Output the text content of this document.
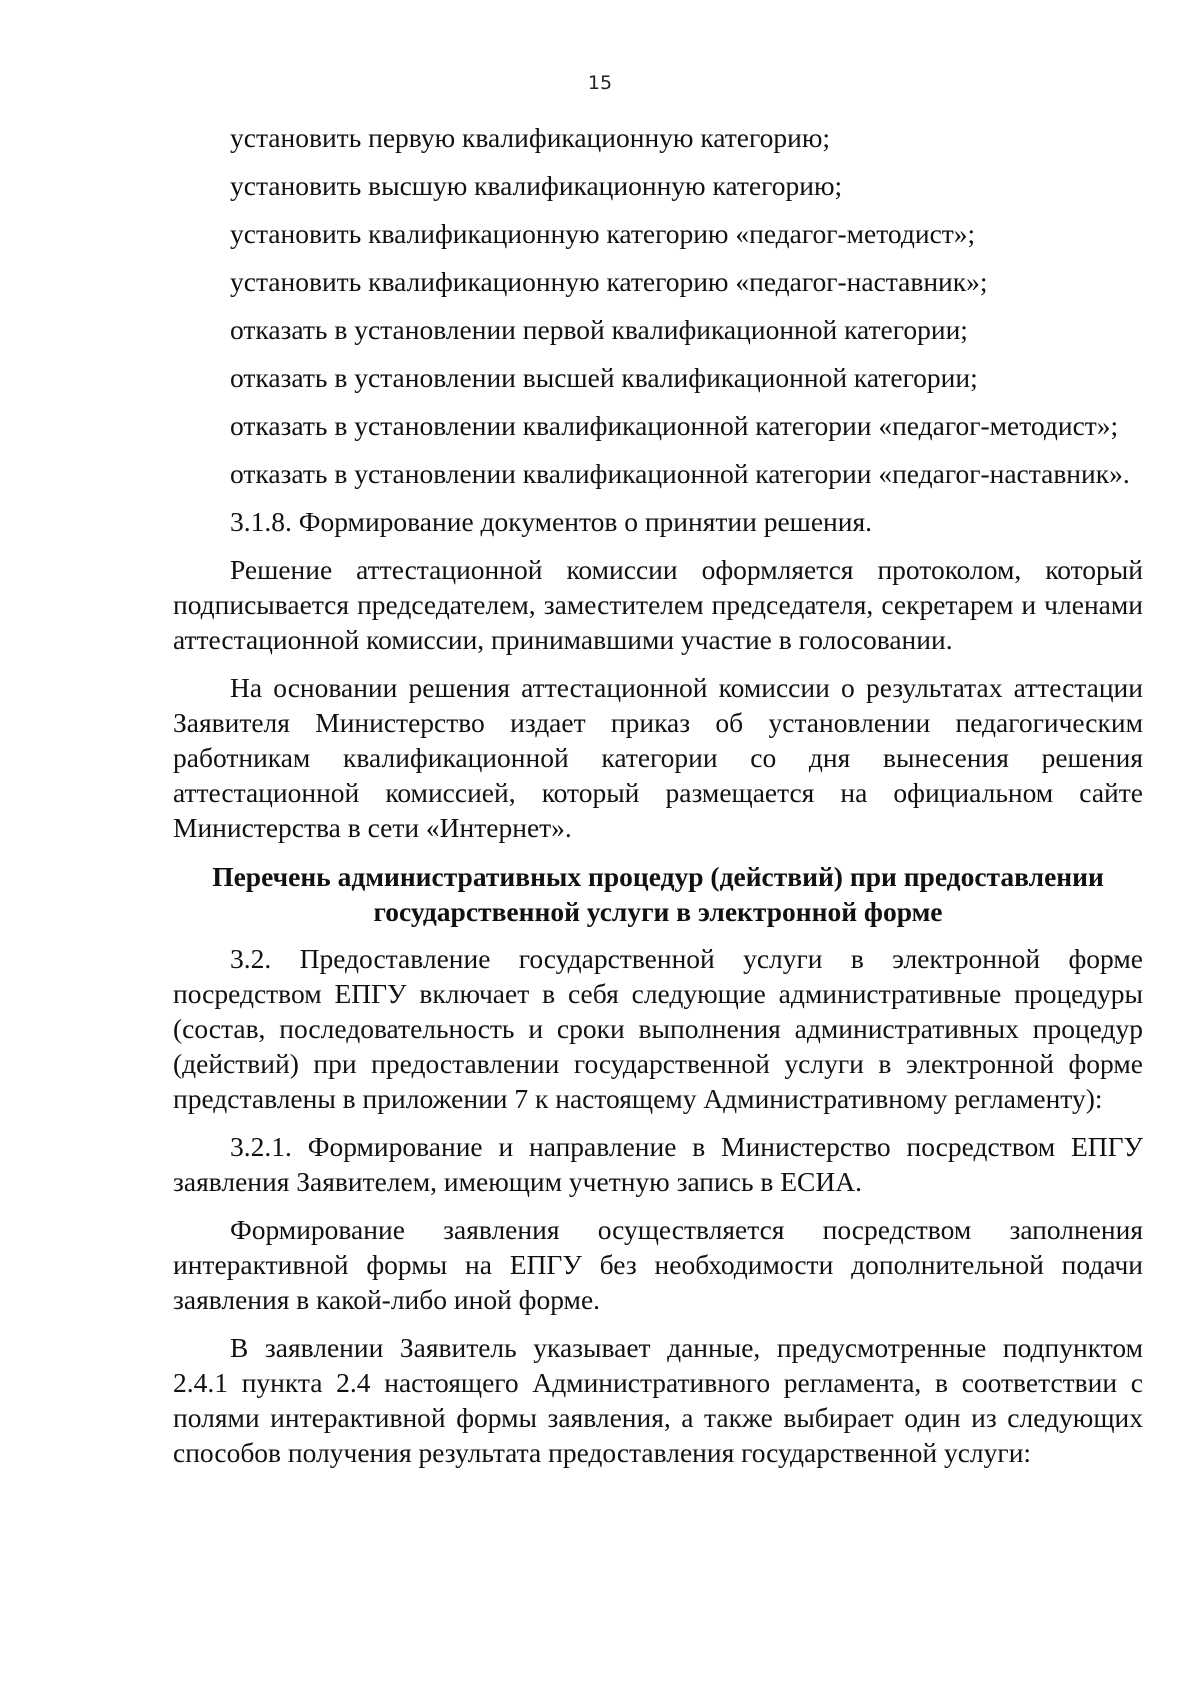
15

установить первую квалификационную категорию;

установить высшую квалификационную категорию;

установить квалификационную категорию «педагог-методист»;

установить квалификационную категорию «педагог-наставник»;

отказать в установлении первой квалификационной категории;

отказать в установлении высшей квалификационной категории;

отказать в установлении квалификационной категории «педагог-методист»;

отказать в установлении квалификационной категории «педагог-наставник».

3.1.8. Формирование документов о принятии решения.

Решение аттестационной комиссии оформляется протоколом, который подписывается председателем, заместителем председателя, секретарем и членами аттестационной комиссии, принимавшими участие в голосовании.

На основании решения аттестационной комиссии о результатах аттестации Заявителя Министерство издает приказ об установлении педагогическим работникам квалификационной категории со дня вынесения решения аттестационной комиссией, который размещается на официальном сайте Министерства в сети «Интернет».

Перечень административных процедур (действий) при предоставлении
государственной услуги в электронной форме

3.2. Предоставление государственной услуги в электронной форме посредством ЕПГУ включает в себя следующие административные процедуры (состав, последовательность и сроки выполнения административных процедур (действий) при предоставлении государственной услуги в электронной форме представлены в приложении 7 к настоящему Административному регламенту):

3.2.1. Формирование и направление в Министерство посредством ЕПГУ заявления Заявителем, имеющим учетную запись в ЕСИА.

Формирование заявления осуществляется посредством заполнения интерактивной формы на ЕПГУ без необходимости дополнительной подачи заявления в какой-либо иной форме.

В заявлении Заявитель указывает данные, предусмотренные подпунктом 2.4.1 пункта 2.4 настоящего Административного регламента, в соответствии с полями интерактивной формы заявления, а также выбирает один из следующих способов получения результата предоставления государственной услуги:
